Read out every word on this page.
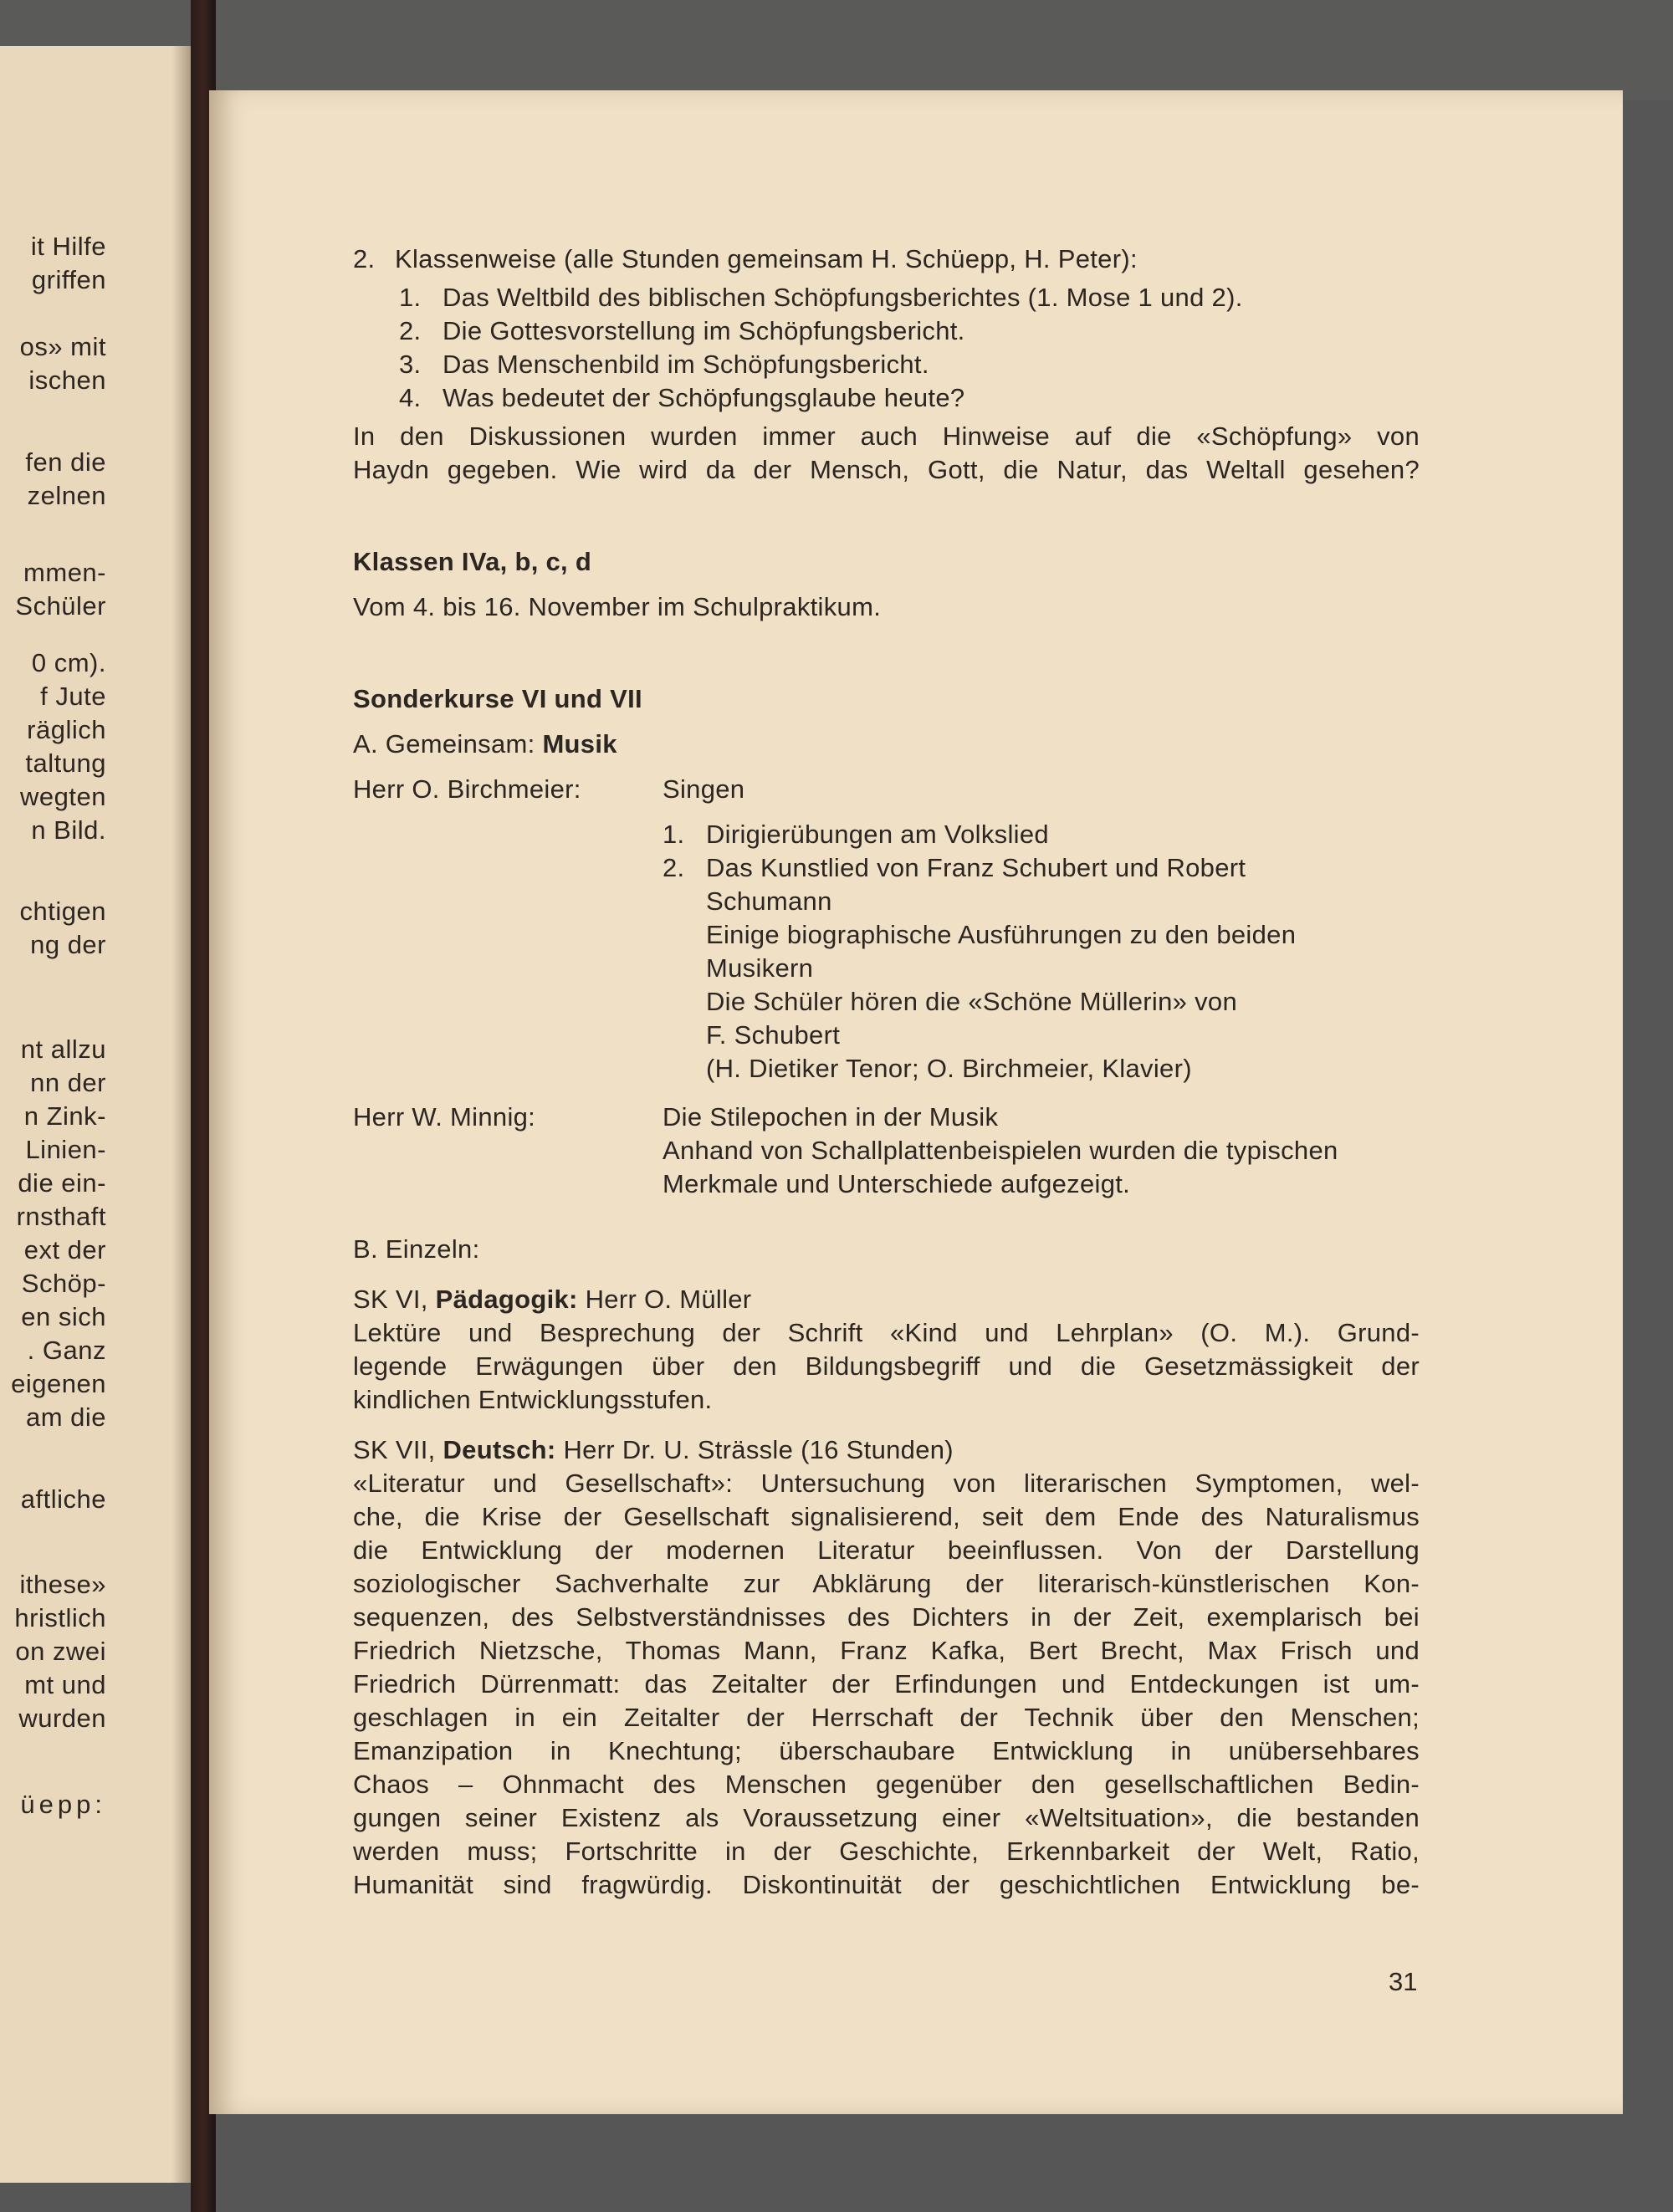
it Hilfe
griffen
os» mit
ischen
fen die
zelnen
mmen-
Schüler
0 cm).
f Jute
räglich
taltung
wegten
n Bild.
chtigen
ng der
nt allzu
nn der
n Zink-
Linien-
die ein-
rnsthaft
ext der
Schöp-
en sich
. Ganz
eigenen
am die
aftliche
ithese»
hristlich
on zwei
mt und
wurden
üepp:
2. Klassenweise (alle Stunden gemeinsam H. Schüepp, H. Peter):
1. Das Weltbild des biblischen Schöpfungsberichtes (1. Mose 1 und 2).
2. Die Gottesvorstellung im Schöpfungsbericht.
3. Das Menschenbild im Schöpfungsbericht.
4. Was bedeutet der Schöpfungsglaube heute?
In den Diskussionen wurden immer auch Hinweise auf die «Schöpfung» von
Haydn gegeben. Wie wird da der Mensch, Gott, die Natur, das Weltall gesehen?
Klassen IVa, b, c, d
Vom 4. bis 16. November im Schulpraktikum.
Sonderkurse VI und VII
A. Gemeinsam: Musik
Herr O. Birchmeier:	Singen
1. Dirigierübungen am Volkslied
2. Das Kunstlied von Franz Schubert und Robert
Schumann
Einige biographische Ausführungen zu den beiden
Musikern
Die Schüler hören die «Schöne Müllerin» von
F. Schubert
(H. Dietiker Tenor; O. Birchmeier, Klavier)
Herr W. Minnig:	Die Stilepochen in der Musik
Anhand von Schallplattenbeispielen wurden die typischen
Merkmale und Unterschiede aufgezeigt.
B. Einzeln:
SK VI, Pädagogik: Herr O. Müller
Lektüre und Besprechung der Schrift «Kind und Lehrplan» (O. M.). Grund-
legende Erwägungen über den Bildungsbegriff und die Gesetzmässigkeit der
kindlichen Entwicklungsstufen.
SK VII, Deutsch: Herr Dr. U. Strässle (16 Stunden)
«Literatur und Gesellschaft»: Untersuchung von literarischen Symptomen, wel-
che, die Krise der Gesellschaft signalisierend, seit dem Ende des Naturalismus
die Entwicklung der modernen Literatur beeinflussen. Von der Darstellung
soziologischer Sachverhalte zur Abklärung der literarisch-künstlerischen Kon-
sequenzen, des Selbstverständnisses des Dichters in der Zeit, exemplarisch bei
Friedrich Nietzsche, Thomas Mann, Franz Kafka, Bert Brecht, Max Frisch und
Friedrich Dürrenmatt: das Zeitalter der Erfindungen und Entdeckungen ist um-
geschlagen in ein Zeitalter der Herrschaft der Technik über den Menschen;
Emanzipation in Knechtung; überschaubare Entwicklung in unübersehbares
Chaos – Ohnmacht des Menschen gegenüber den gesellschaftlichen Bedin-
gungen seiner Existenz als Voraussetzung einer «Weltsituation», die bestanden
werden muss; Fortschritte in der Geschichte, Erkennbarkeit der Welt, Ratio,
Humanität sind fragwürdig. Diskontinuität der geschichtlichen Entwicklung be-
31
